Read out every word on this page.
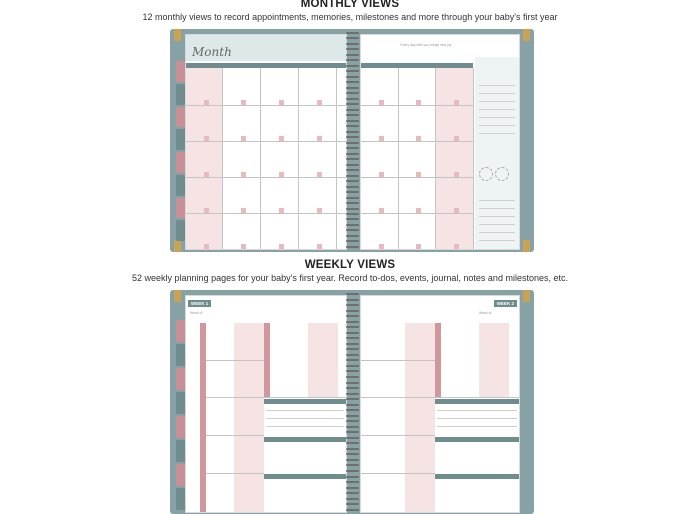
MONTHLY VIEWS
12 monthly views to record appointments, memories, milestones and more through your baby's first year
Month	Every day with you brings new joy
WEEKLY VIEWS
52 weekly planning pages for your baby's first year. Record to-dos, events, journal, notes and milestones, etc.
WEEK 1
Week of
WEEK 2
Week of
